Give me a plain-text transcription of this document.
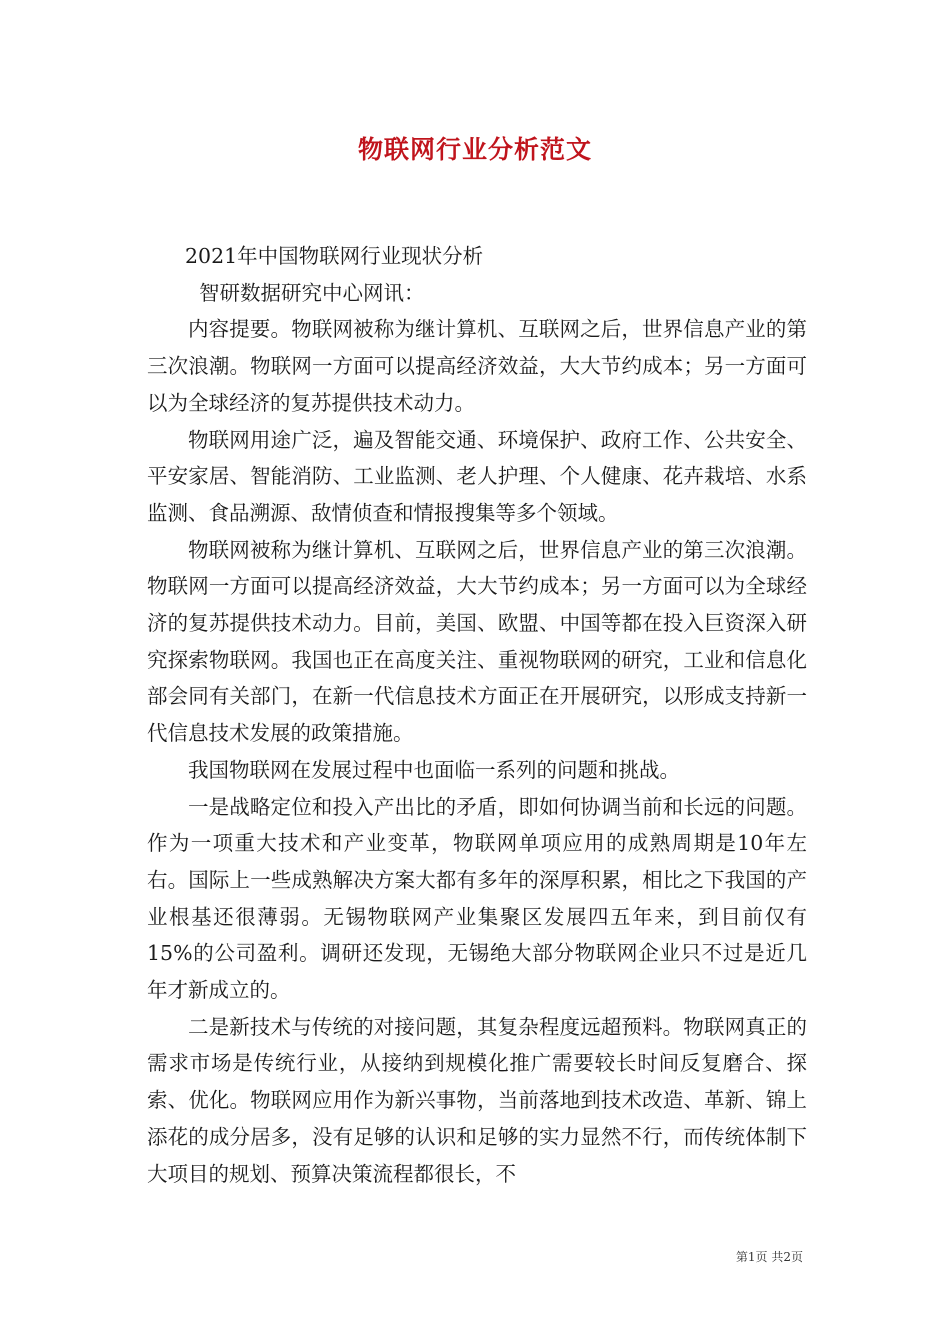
物联网行业分析范文

2021年中国物联网行业现状分析

智研数据研究中心网讯：

内容提要。物联网被称为继计算机、互联网之后，世界信息产业的第三次浪潮。物联网一方面可以提高经济效益，大大节约成本；另一方面可以为全球经济的复苏提供技术动力。

物联网用途广泛，遍及智能交通、环境保护、政府工作、公共安全、平安家居、智能消防、工业监测、老人护理、个人健康、花卉栽培、水系监测、食品溯源、敌情侦查和情报搜集等多个领域。

物联网被称为继计算机、互联网之后，世界信息产业的第三次浪潮。物联网一方面可以提高经济效益，大大节约成本；另一方面可以为全球经济的复苏提供技术动力。目前，美国、欧盟、中国等都在投入巨资深入研究探索物联网。我国也正在高度关注、重视物联网的研究，工业和信息化部会同有关部门，在新一代信息技术方面正在开展研究，以形成支持新一代信息技术发展的政策措施。

我国物联网在发展过程中也面临一系列的问题和挑战。

一是战略定位和投入产出比的矛盾，即如何协调当前和长远的问题。作为一项重大技术和产业变革，物联网单项应用的成熟周期是10年左右。国际上一些成熟解决方案大都有多年的深厚积累，相比之下我国的产业根基还很薄弱。无锡物联网产业集聚区发展四五年来，到目前仅有15%的公司盈利。调研还发现，无锡绝大部分物联网企业只不过是近几年才新成立的。

二是新技术与传统的对接问题，其复杂程度远超预料。物联网真正的需求市场是传统行业，从接纳到规模化推广需要较长时间反复磨合、探索、优化。物联网应用作为新兴事物，当前落地到技术改造、革新、锦上添花的成分居多，没有足够的认识和足够的实力显然不行，而传统体制下大项目的规划、预算决策流程都很长，不

第1页 共2页
